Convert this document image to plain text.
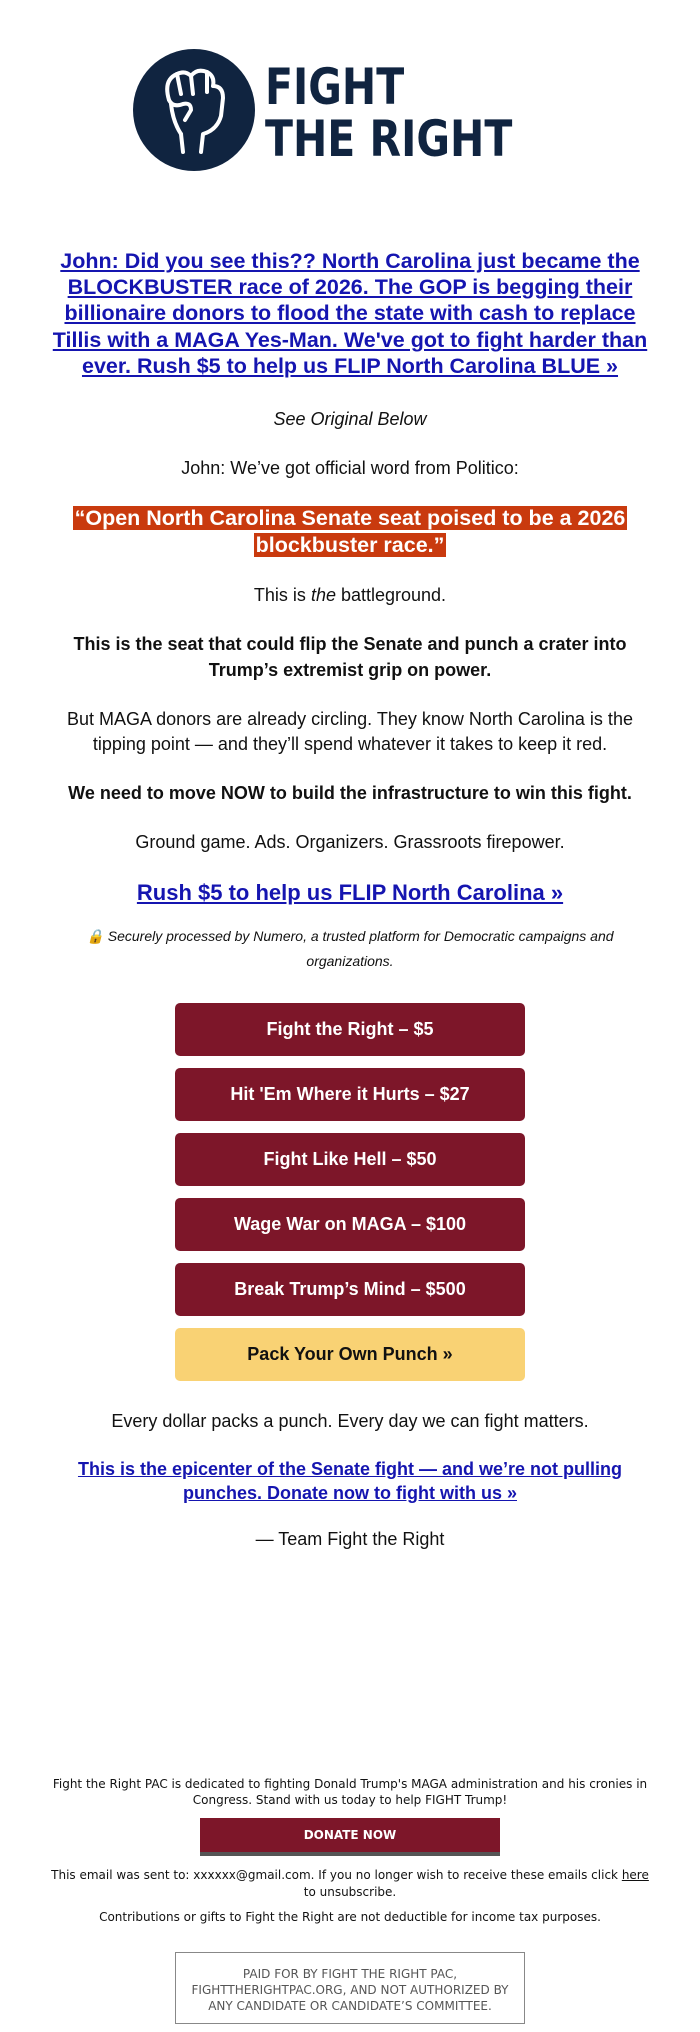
FIGHT
THE RIGHT
John: Did you see this?? North Carolina just became the BLOCKBUSTER race of 2026. The GOP is begging their billionaire donors to flood the state with cash to replace Tillis with a MAGA Yes-Man. We've got to fight harder than ever. Rush $5 to help us FLIP North Carolina BLUE »

See Original Below

John: We’ve got official word from Politico:

“Open North Carolina Senate seat poised to be a 2026 blockbuster race.”

This is the battleground.

This is the seat that could flip the Senate and punch a crater into Trump’s extremist grip on power.

But MAGA donors are already circling. They know North Carolina is the tipping point — and they’ll spend whatever it takes to keep it red.

We need to move NOW to build the infrastructure to win this fight.

Ground game. Ads. Organizers. Grassroots firepower.

Rush $5 to help us FLIP North Carolina »

🔒 Securely processed by Numero, a trusted platform for Democratic campaigns and organizations.

Fight the Right – $5
Hit 'Em Where it Hurts – $27
Fight Like Hell – $50
Wage War on MAGA – $100
Break Trump’s Mind – $500
Pack Your Own Punch »

Every dollar packs a punch. Every day we can fight matters.

This is the epicenter of the Senate fight — and we’re not pulling punches. Donate now to fight with us »

— Team Fight the Right

Fight the Right PAC is dedicated to fighting Donald Trump's MAGA administration and his cronies in Congress. Stand with us today to help FIGHT Trump!

DONATE NOW

This email was sent to: xxxxxx@gmail.com. If you no longer wish to receive these emails click here to unsubscribe.

Contributions or gifts to Fight the Right are not deductible for income tax purposes.

PAID FOR BY FIGHT THE RIGHT PAC, FIGHTTHERIGHTPAC.ORG, AND NOT AUTHORIZED BY ANY CANDIDATE OR CANDIDATE’S COMMITTEE.
